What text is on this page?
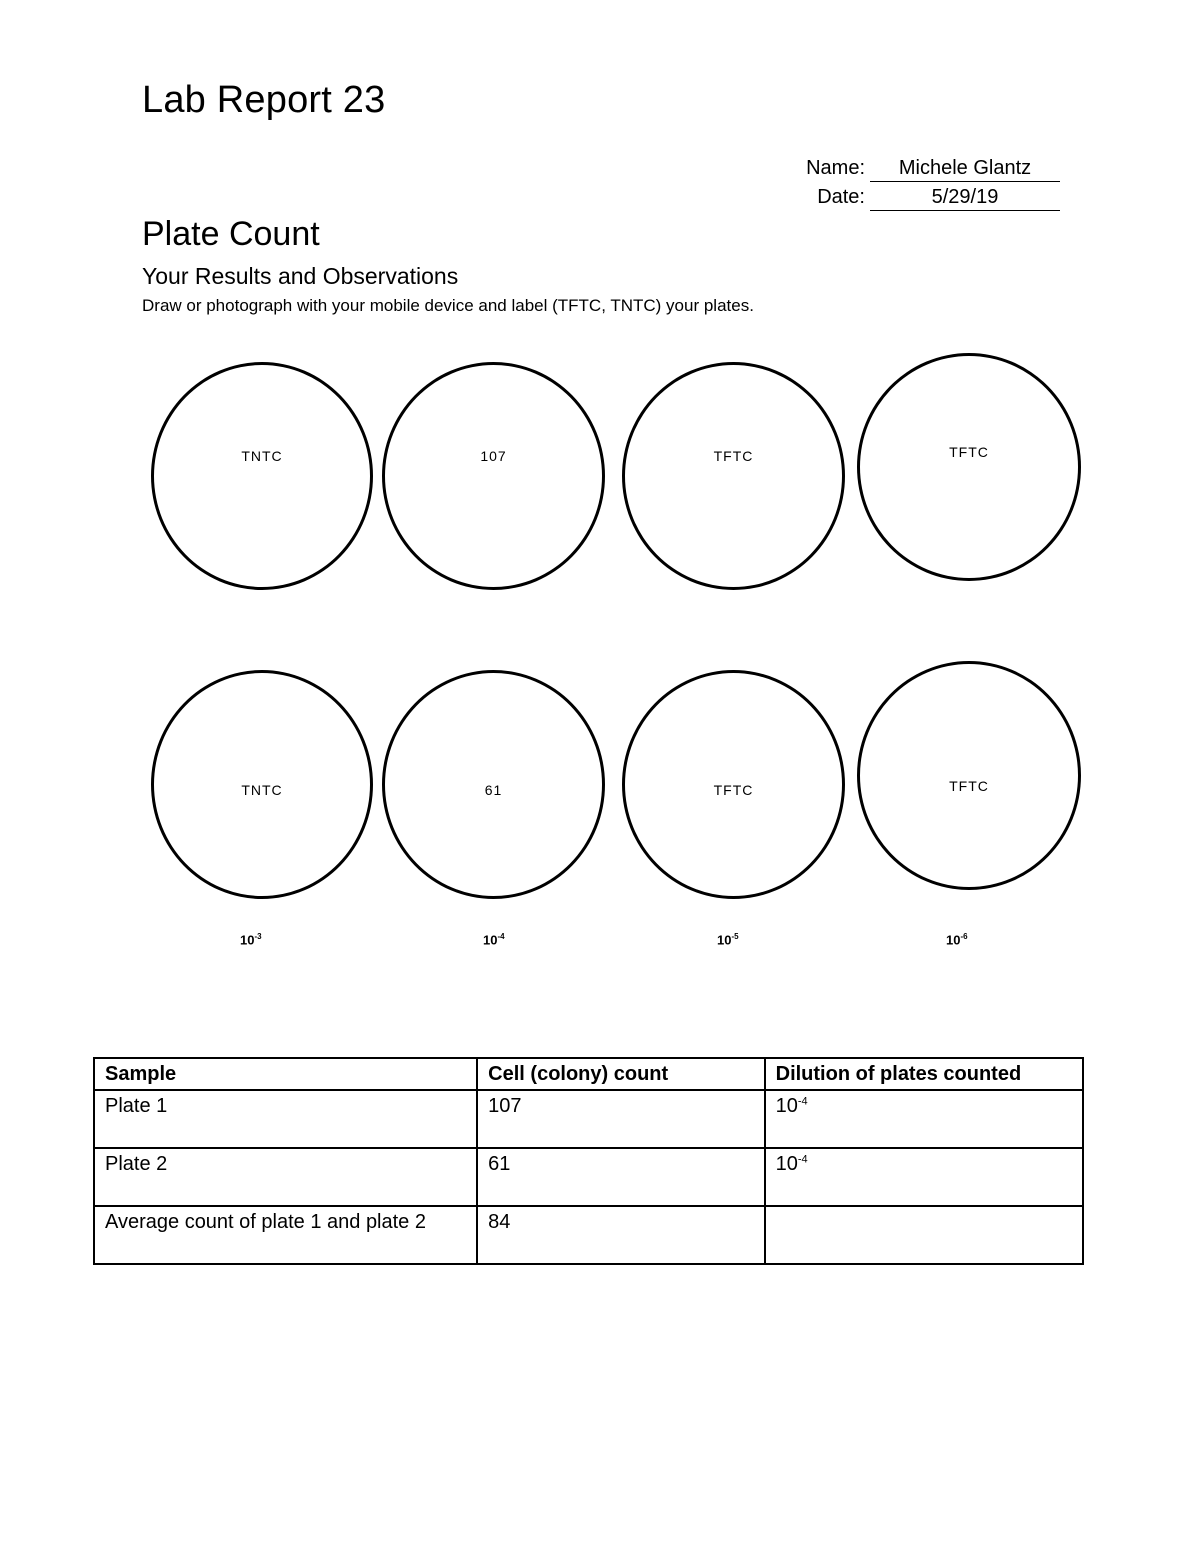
Lab Report 23
Name:	Michele Glantz
Date:	5/29/19
Plate Count
Your Results and Observations
Draw or photograph with your mobile device and label (TFTC, TNTC) your plates.
TNTC	107	TFTC	TFTC
TNTC	61	TFTC	TFTC
$10^{-3}$	$10^{-4}$	$10^{-5}$	$10^{-6}$
Sample	Cell (colony) count	Dilution of plates counted
Plate 1	107	$10^{-4}$
Plate 2	61	$10^{-4}$
Average count of plate 1 and plate 2	84	
